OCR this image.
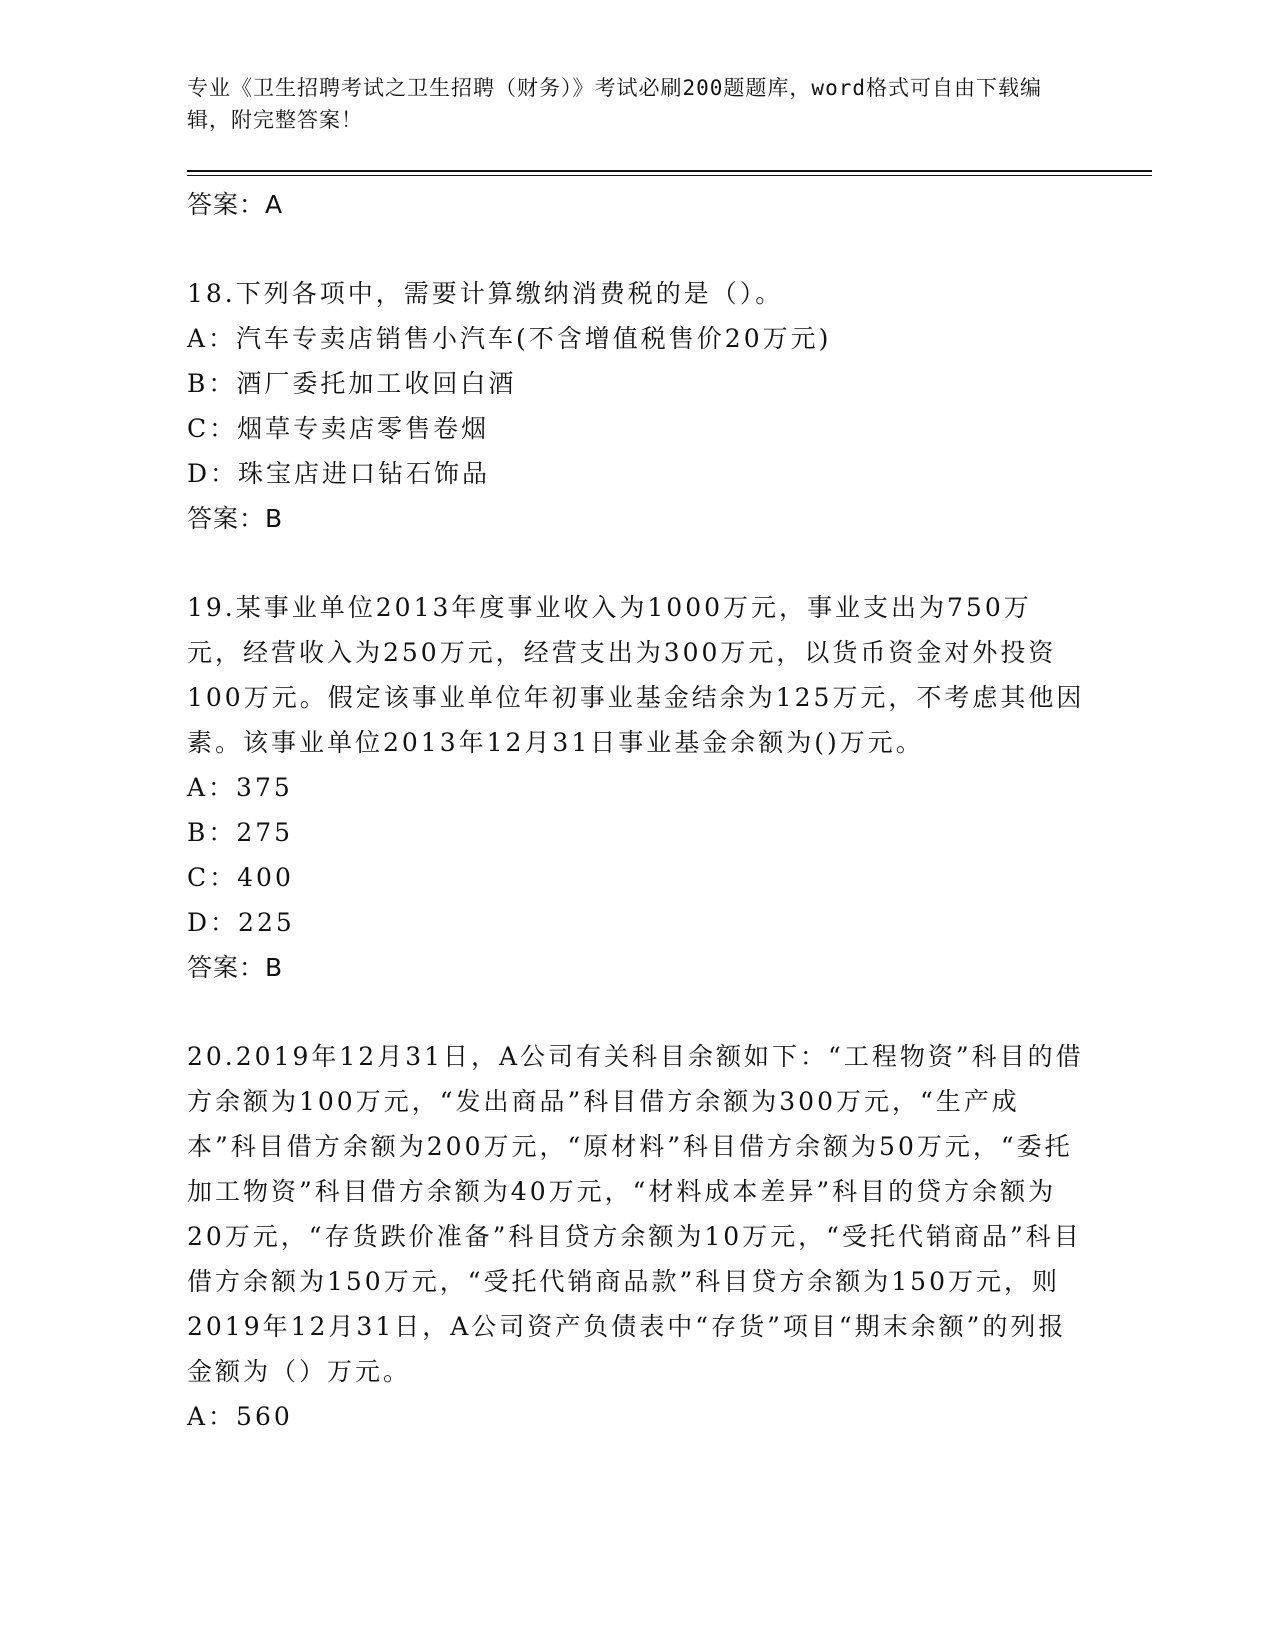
专业《卫生招聘考试之卫生招聘（财务）》考试必刷200题题库，word格式可自由下载编辑，附完整答案！

答案：A

18.下列各项中，需要计算缴纳消费税的是（）。

A：汽车专卖店销售小汽车(不含增值税售价20万元)

B：酒厂委托加工收回白酒

C：烟草专卖店零售卷烟

D：珠宝店进口钻石饰品

答案：B

19.某事业单位2013年度事业收入为1000万元，事业支出为750万元，经营收入为250万元，经营支出为300万元，以货币资金对外投资100万元。假定该事业单位年初事业基金结余为125万元，不考虑其他因素。该事业单位2013年12月31日事业基金余额为()万元。

A：375

B：275

C：400

D：225

答案：B

20.2019年12月31日，A公司有关科目余额如下：“工程物资”科目的借方余额为100万元，“发出商品”科目借方余额为300万元，“生产成本”科目借方余额为200万元，“原材料”科目借方余额为50万元，“委托加工物资”科目借方余额为40万元，“材料成本差异”科目的贷方余额为20万元，“存货跌价准备”科目贷方余额为10万元，“受托代销商品”科目借方余额为150万元，“受托代销商品款”科目贷方余额为150万元，则2019年12月31日，A公司资产负债表中“存货”项目“期末余额”的列报金额为（）万元。

A：560
